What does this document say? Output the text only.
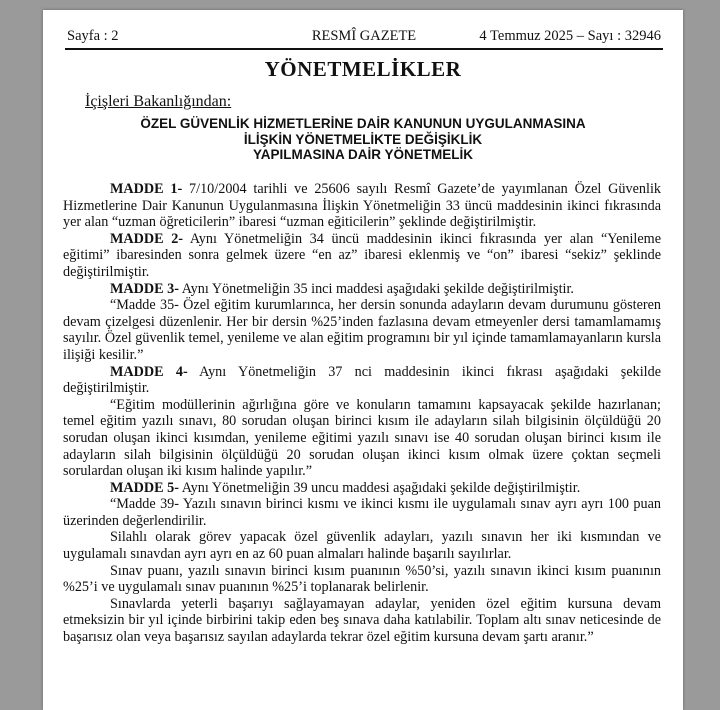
Sayfa : 2	RESMÎ GAZETE	4 Temmuz 2025 – Sayı : 32946
YÖNETMELİKLER
İçişleri Bakanlığından:
ÖZEL GÜVENLİK HİZMETLERİNE DAİR KANUNUN UYGULANMASINA
İLİŞKİN YÖNETMELİKTE DEĞİŞİKLİK
YAPILMASINA DAİR YÖNETMELİK

MADDE 1- 7/10/2004 tarihli ve 25606 sayılı Resmî Gazete’de yayımlanan Özel Güvenlik Hizmetlerine Dair Kanunun Uygulanmasına İlişkin Yönetmeliğin 33 üncü maddesinin ikinci fıkrasında yer alan “uzman öğreticilerin” ibaresi “uzman eğiticilerin” şeklinde değiştirilmiştir.

MADDE 2- Aynı Yönetmeliğin 34 üncü maddesinin ikinci fıkrasında yer alan “Yenileme eğitimi” ibaresinden sonra gelmek üzere “en az” ibaresi eklenmiş ve “on” ibaresi “sekiz” şeklinde değiştirilmiştir.

MADDE 3- Aynı Yönetmeliğin 35 inci maddesi aşağıdaki şekilde değiştirilmiştir.

“Madde 35- Özel eğitim kurumlarınca, her dersin sonunda adayların devam durumunu gösteren devam çizelgesi düzenlenir. Her bir dersin %25’inden fazlasına devam etmeyenler dersi tamamlamamış sayılır. Özel güvenlik temel, yenileme ve alan eğitim programını bir yıl içinde tamamlamayanların kursla ilişiği kesilir.”

MADDE 4- Aynı Yönetmeliğin 37 nci maddesinin ikinci fıkrası aşağıdaki şekilde değiştirilmiştir.

“Eğitim modüllerinin ağırlığına göre ve konuların tamamını kapsayacak şekilde hazırlanan; temel eğitim yazılı sınavı, 80 sorudan oluşan birinci kısım ile adayların silah bilgisinin ölçüldüğü 20 sorudan oluşan ikinci kısımdan, yenileme eğitimi yazılı sınavı ise 40 sorudan oluşan birinci kısım ile adayların silah bilgisinin ölçüldüğü 20 sorudan oluşan ikinci kısım olmak üzere çoktan seçmeli sorulardan oluşan iki kısım halinde yapılır.”

MADDE 5- Aynı Yönetmeliğin 39 uncu maddesi aşağıdaki şekilde değiştirilmiştir.

“Madde 39- Yazılı sınavın birinci kısmı ve ikinci kısmı ile uygulamalı sınav ayrı ayrı 100 puan üzerinden değerlendirilir.

Silahlı olarak görev yapacak özel güvenlik adayları, yazılı sınavın her iki kısmından ve uygulamalı sınavdan ayrı ayrı en az 60 puan almaları halinde başarılı sayılırlar.

Sınav puanı, yazılı sınavın birinci kısım puanının %50’si, yazılı sınavın ikinci kısım puanının %25’i ve uygulamalı sınav puanının %25’i toplanarak belirlenir.

Sınavlarda yeterli başarıyı sağlayamayan adaylar, yeniden özel eğitim kursuna devam etmeksizin bir yıl içinde birbirini takip eden beş sınava daha katılabilir. Toplam altı sınav neticesinde de başarısız olan veya başarısız sayılan adaylarda tekrar özel eğitim kursuna devam şartı aranır.”
